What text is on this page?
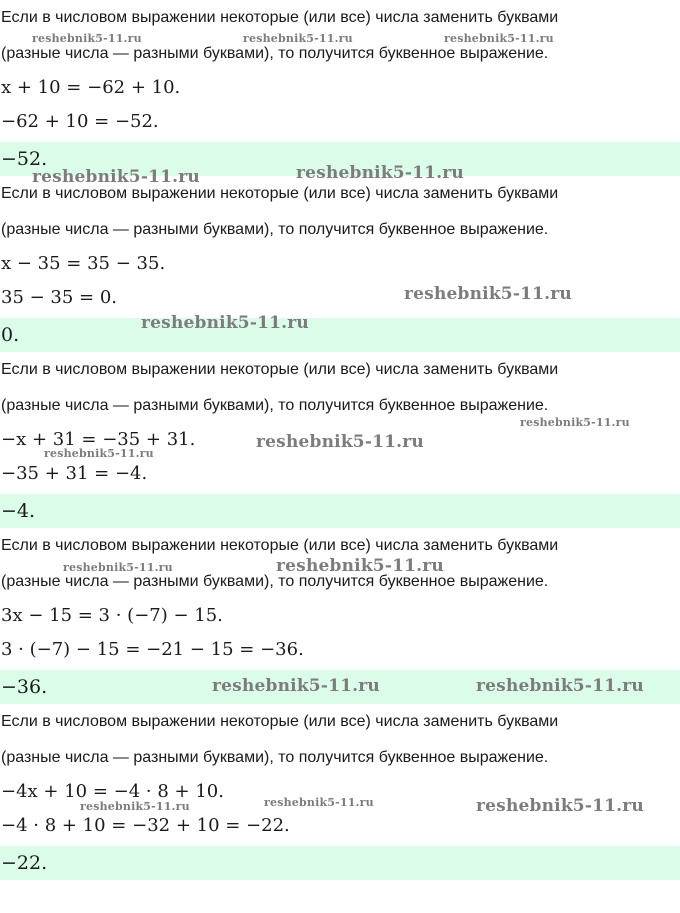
Если в числовом выражении некоторые (или все) числа заменить буквами
(разные числа — разными буквами), то получится буквенное выражение.
x + 10 = −62 + 10.
−62 + 10 = −52.
−52.
Если в числовом выражении некоторые (или все) числа заменить буквами
(разные числа — разными буквами), то получится буквенное выражение.
x − 35 = 35 − 35.
35 − 35 = 0.
0.
Если в числовом выражении некоторые (или все) числа заменить буквами
(разные числа — разными буквами), то получится буквенное выражение.
−x + 31 = −35 + 31.
−35 + 31 = −4.
−4.
Если в числовом выражении некоторые (или все) числа заменить буквами
(разные числа — разными буквами), то получится буквенное выражение.
3x − 15 = 3 · (−7) − 15.
3 · (−7) − 15 = −21 − 15 = −36.
−36.
Если в числовом выражении некоторые (или все) числа заменить буквами
(разные числа — разными буквами), то получится буквенное выражение.
−4x + 10 = −4 · 8 + 10.
−4 · 8 + 10 = −32 + 10 = −22.
−22.
reshebnik5-11.ru	reshebnik5-11.ru	reshebnik5-11.ru
reshebnik5-11.ru	reshebnik5-11.ru
reshebnik5-11.ru
reshebnik5-11.ru
reshebnik5-11.ru
reshebnik5-11.ru
reshebnik5-11.ru
reshebnik5-11.ru	reshebnik5-11.ru
reshebnik5-11.ru	reshebnik5-11.ru
reshebnik5-11.ru	reshebnik5-11.ru	reshebnik5-11.ru
